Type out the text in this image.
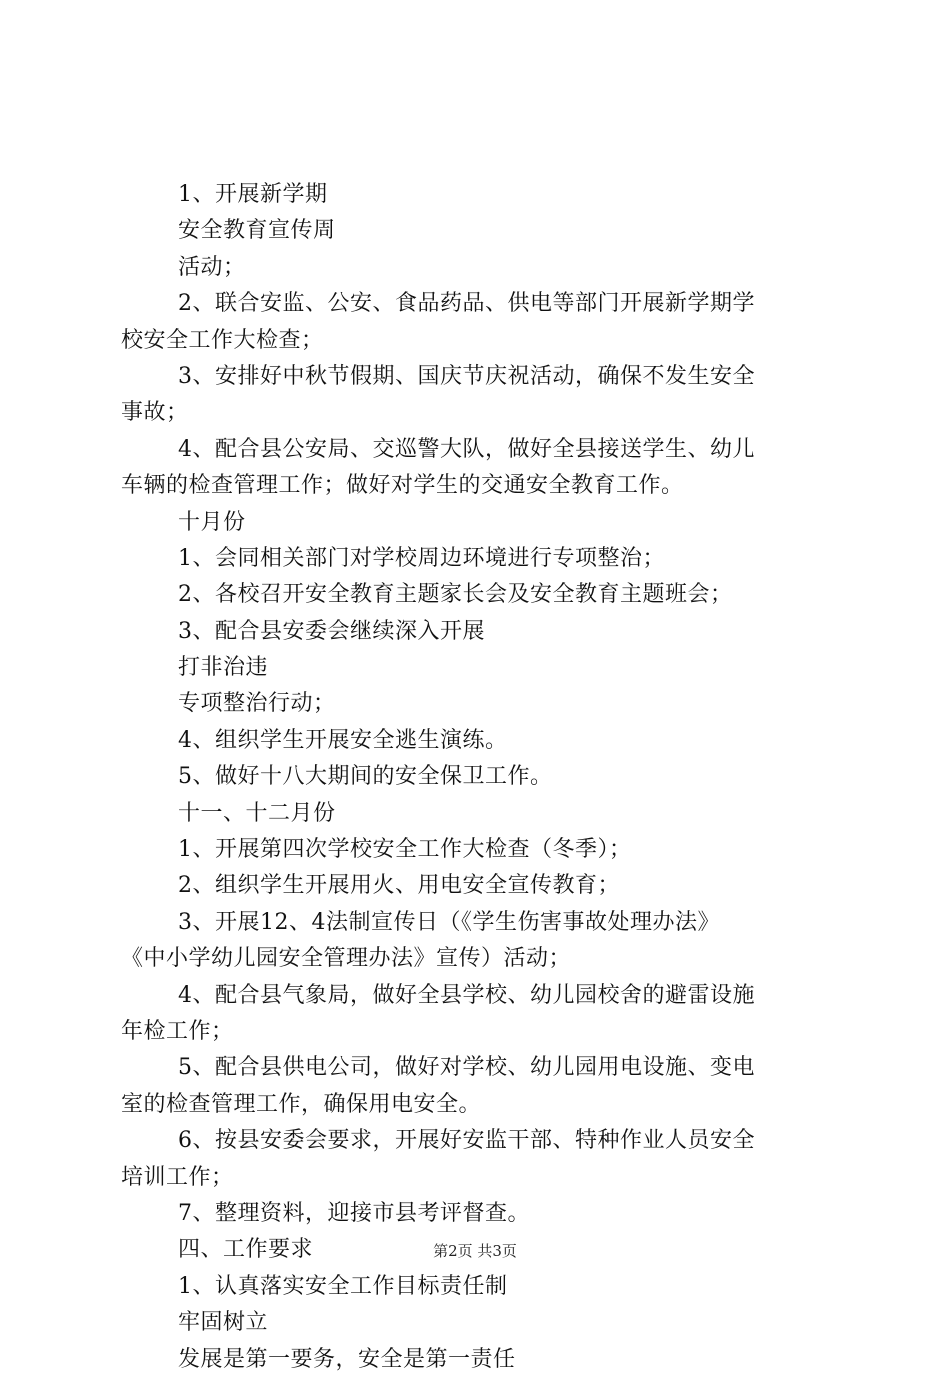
1、开展新学期
安全教育宣传周
活动；
2、联合安监、公安、食品药品、供电等部门开展新学期学
校安全工作大检查；
3、安排好中秋节假期、国庆节庆祝活动，确保不发生安全
事故；
4、配合县公安局、交巡警大队，做好全县接送学生、幼儿
车辆的检查管理工作；做好对学生的交通安全教育工作。
十月份
1、会同相关部门对学校周边环境进行专项整治；
2、各校召开安全教育主题家长会及安全教育主题班会；
3、配合县安委会继续深入开展
打非治违
专项整治行动；
4、组织学生开展安全逃生演练。
5、做好十八大期间的安全保卫工作。
十一、十二月份
1、开展第四次学校安全工作大检查（冬季）；
2、组织学生开展用火、用电安全宣传教育；
3、开展12、4法制宣传日（《学生伤害事故处理办法》
《中小学幼儿园安全管理办法》宣传）活动；
4、配合县气象局，做好全县学校、幼儿园校舍的避雷设施
年检工作；
5、配合县供电公司，做好对学校、幼儿园用电设施、变电
室的检查管理工作，确保用电安全。
6、按县安委会要求，开展好安监干部、特种作业人员安全
培训工作；
7、整理资料，迎接市县考评督查。
四、工作要求
1、认真落实安全工作目标责任制
牢固树立
发展是第一要务，安全是第一责任
第2页 共3页
